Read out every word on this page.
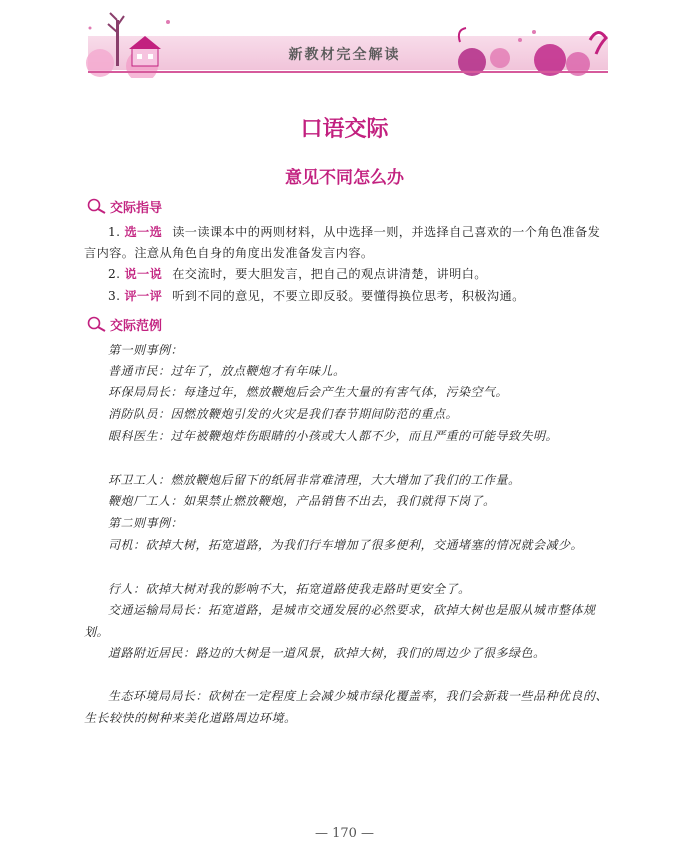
新教材完全解读
口语交际
意见不同怎么办
交际指导
1. 选一选 读一读课本中的两则材料，从中选择一则，并选择自己喜欢的一个角色准备发言内容。注意从角色自身的角度出发准备发言内容。
2. 说一说 在交流时，要大胆发言，把自己的观点讲清楚，讲明白。
3. 评一评 听到不同的意见，不要立即反驳。要懂得换位思考，积极沟通。
交际范例
第一则事例：
普通市民：过年了，放点鞭炮才有年味儿。
环保局局长：每逢过年，燃放鞭炮后会产生大量的有害气体，污染空气。
消防队员：因燃放鞭炮引发的火灾是我们春节期间防范的重点。
眼科医生：过年被鞭炮炸伤眼睛的小孩或大人都不少，而且严重的可能导致失明。
环卫工人：燃放鞭炮后留下的纸屑非常难清理，大大增加了我们的工作量。
鞭炮厂工人：如果禁止燃放鞭炮，产品销售不出去，我们就得下岗了。
第二则事例：
司机：砍掉大树，拓宽道路，为我们行车增加了很多便利，交通堵塞的情况就会减少。
行人：砍掉大树对我的影响不大，拓宽道路使我走路时更安全了。
交通运输局局长：拓宽道路，是城市交通发展的必然要求，砍掉大树也是服从城市整体规划。
道路附近居民：路边的大树是一道风景，砍掉大树，我们的周边少了很多绿色。
生态环境局局长：砍树在一定程度上会减少城市绿化覆盖率，我们会新栽一些品种优良的、生长较快的树种来美化道路周边环境。
— 170 —
